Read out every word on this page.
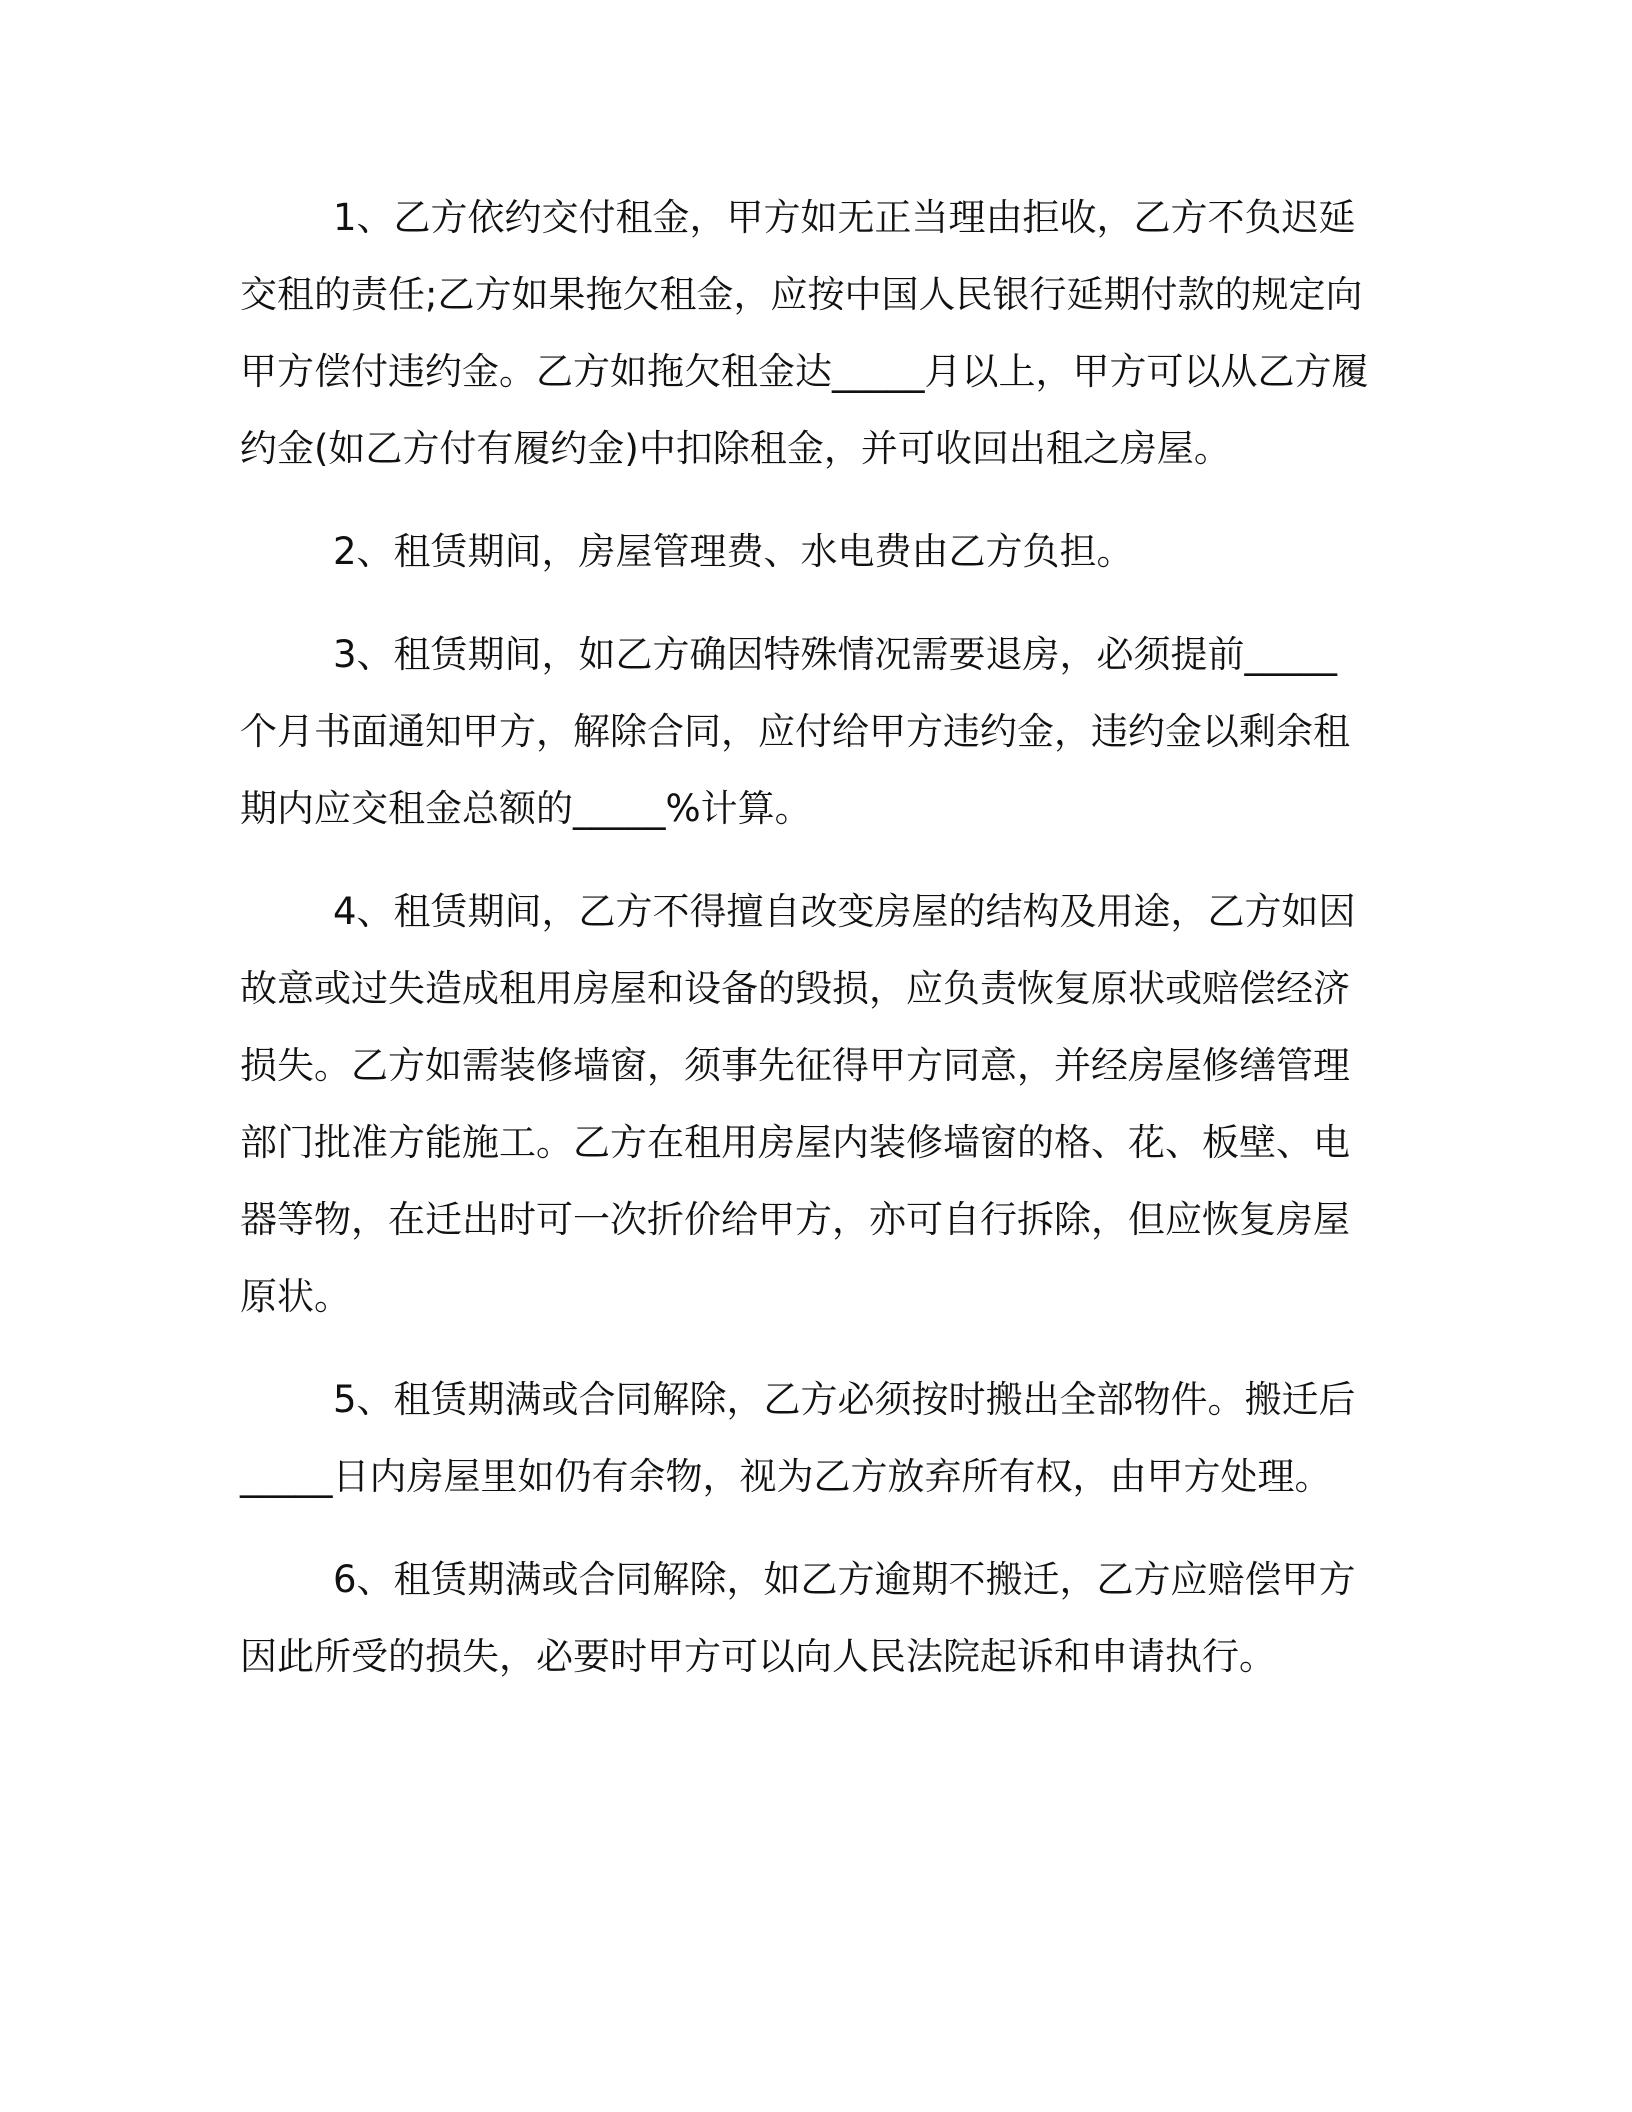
1、乙方依约交付租金，甲方如无正当理由拒收，乙方不负迟延
交租的责任;乙方如果拖欠租金，应按中国人民银行延期付款的规定向
甲方偿付违约金。乙方如拖欠租金达_____月以上，甲方可以从乙方履
约金(如乙方付有履约金)中扣除租金，并可收回出租之房屋。
2、租赁期间，房屋管理费、水电费由乙方负担。
3、租赁期间，如乙方确因特殊情况需要退房，必须提前_____
个月书面通知甲方，解除合同，应付给甲方违约金，违约金以剩余租
期内应交租金总额的_____%计算。
4、租赁期间，乙方不得擅自改变房屋的结构及用途，乙方如因
故意或过失造成租用房屋和设备的毁损，应负责恢复原状或赔偿经济
损失。乙方如需装修墙窗，须事先征得甲方同意，并经房屋修缮管理
部门批准方能施工。乙方在租用房屋内装修墙窗的格、花、板壁、电
器等物，在迁出时可一次折价给甲方，亦可自行拆除，但应恢复房屋
原状。
5、租赁期满或合同解除，乙方必须按时搬出全部物件。搬迁后
_____日内房屋里如仍有余物，视为乙方放弃所有权，由甲方处理。
6、租赁期满或合同解除，如乙方逾期不搬迁，乙方应赔偿甲方
因此所受的损失，必要时甲方可以向人民法院起诉和申请执行。
